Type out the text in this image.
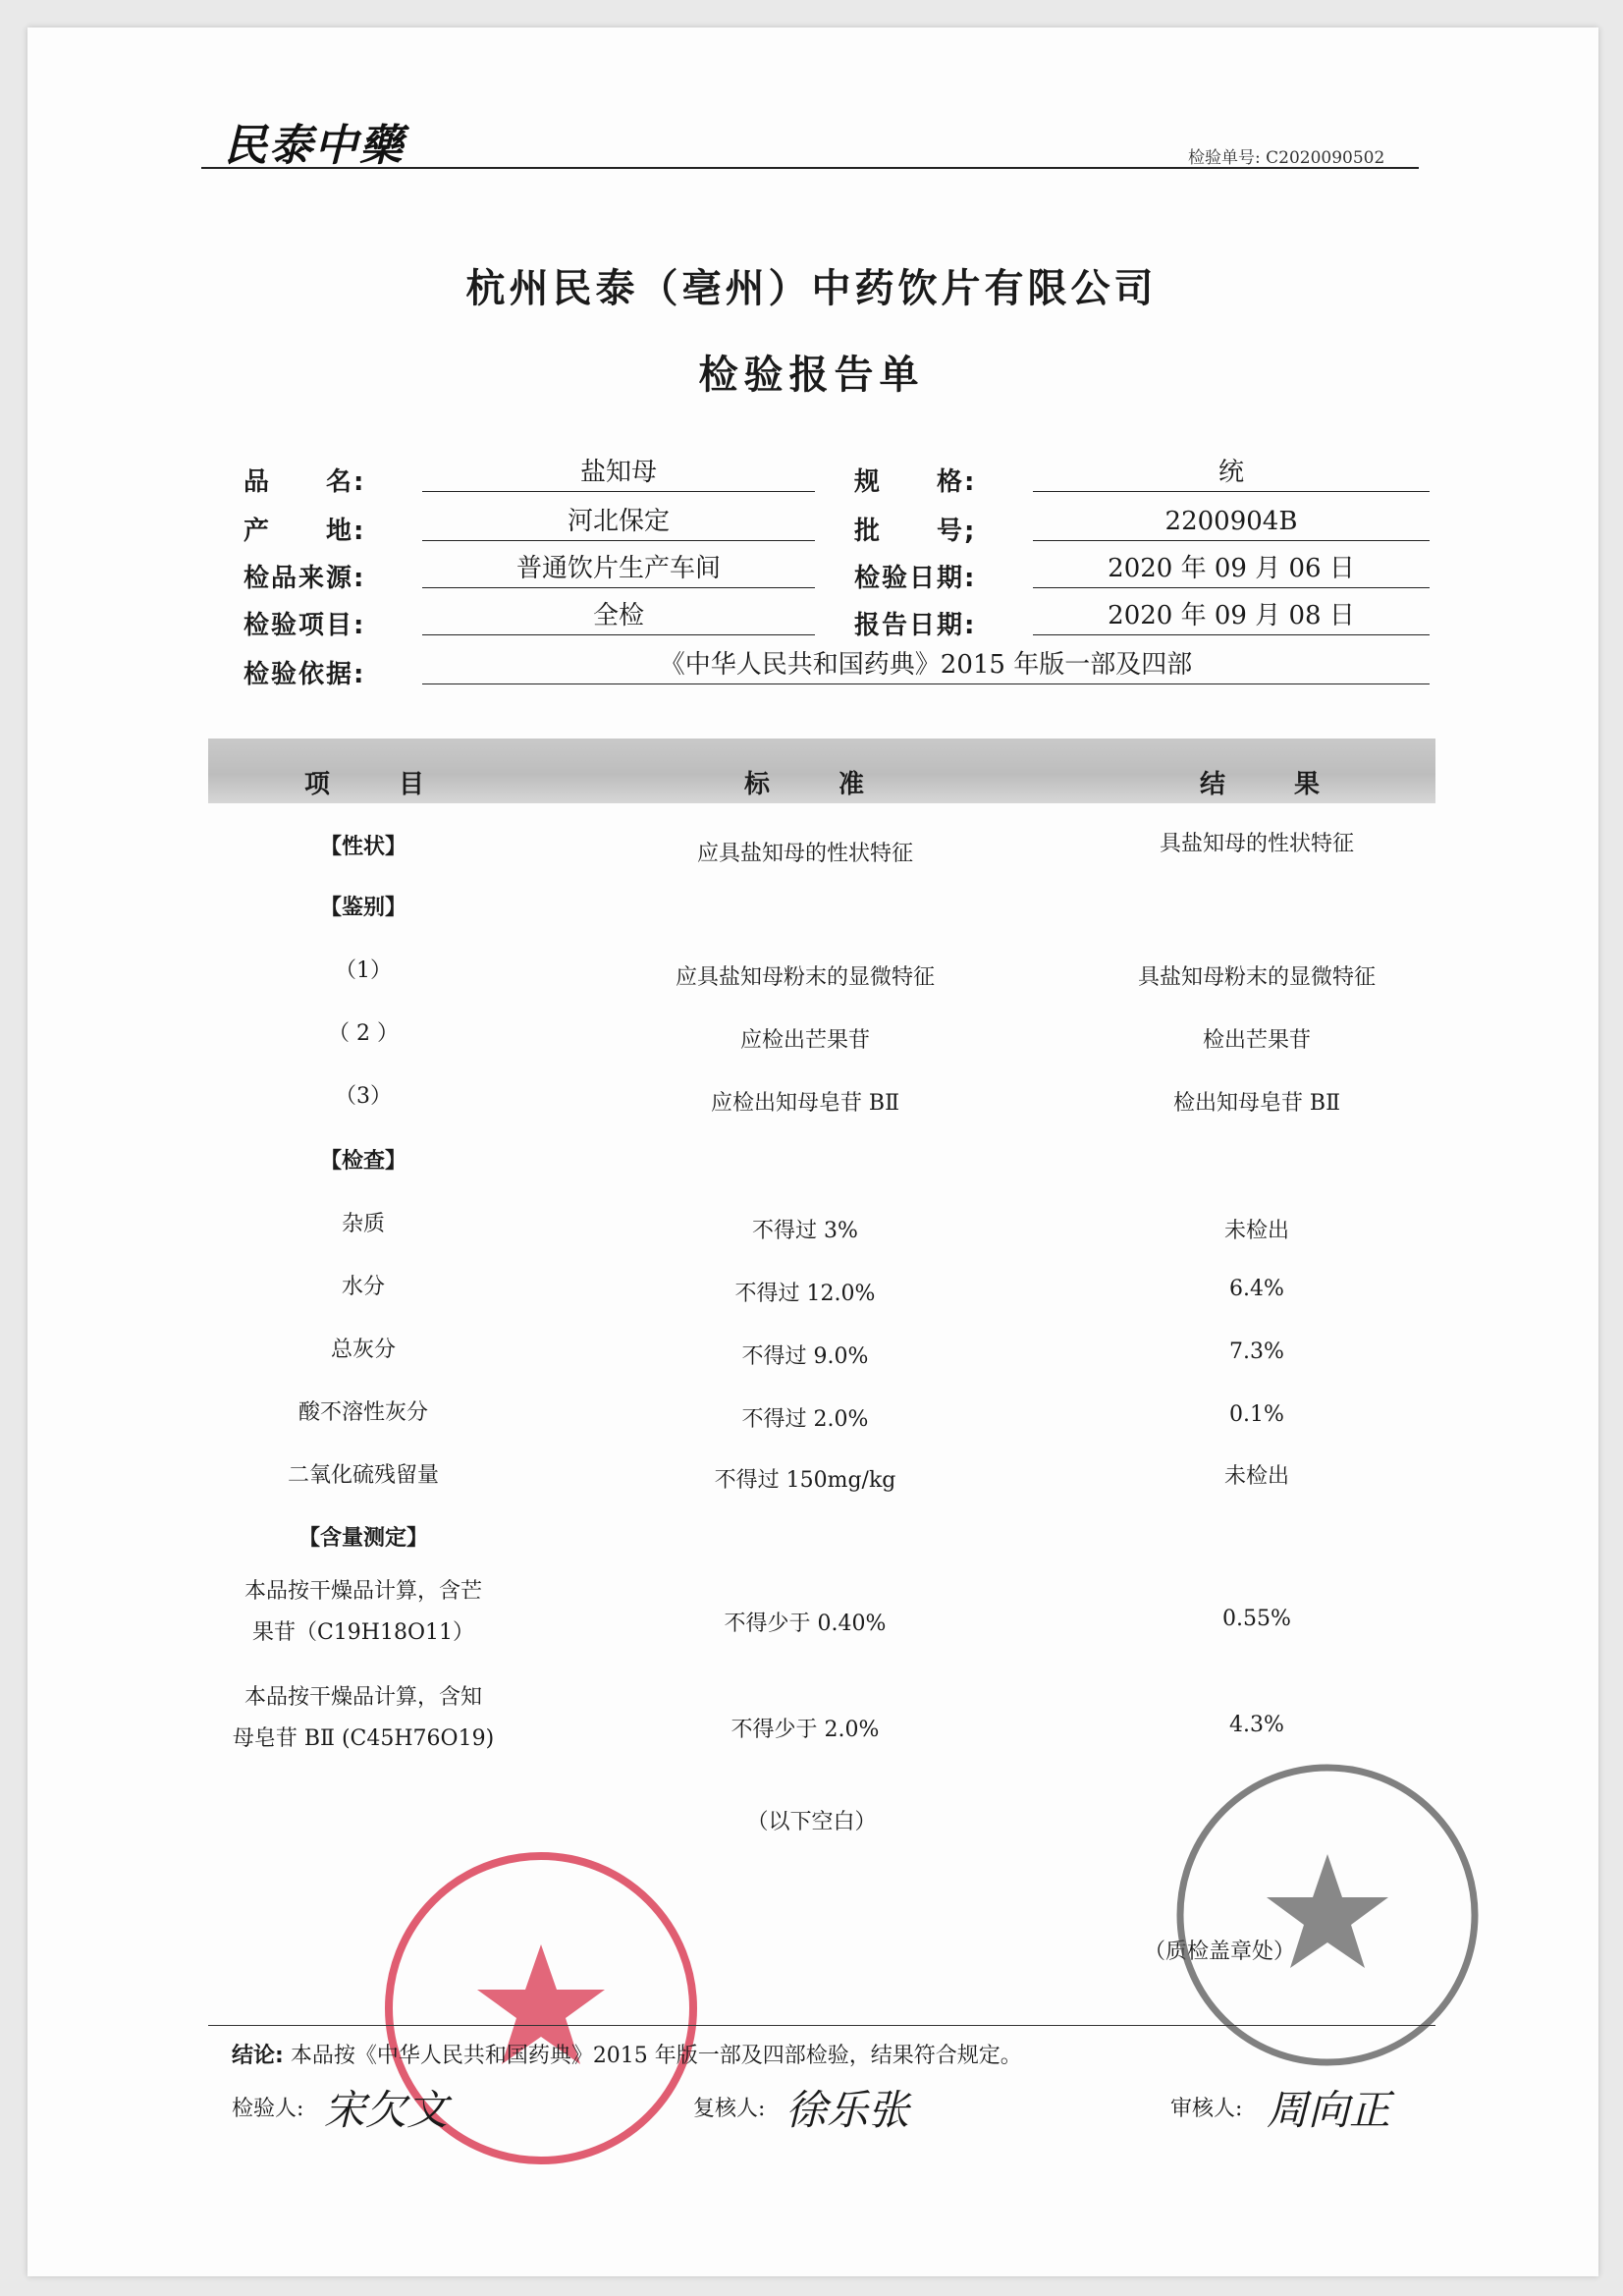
民泰中藥	检验单号: C2020090502
杭州民泰（亳州）中药饮片有限公司
检验报告单
品　　名:	盐知母	规　　格:	统
产　　地:	河北保定	批　　号;	2200904B
检品来源:	普通饮片生产车间	检验日期:	2020 年 09 月 06 日
检验项目:	全检	报告日期:	2020 年 09 月 08 日
检验依据:	《中华人民共和国药典》2015 年版一部及四部
项　目	标　准	结　果
【性状】	应具盐知母的性状特征	具盐知母的性状特征
【鉴别】
（1）	应具盐知母粉末的显微特征	具盐知母粉末的显微特征
（ 2 ）	应检出芒果苷	检出芒果苷
（3）	应检出知母皂苷 BⅡ	检出知母皂苷 BⅡ
【检查】
杂质	不得过 3%	未检出
水分	不得过 12.0%	6.4%
总灰分	不得过 9.0%	7.3%
酸不溶性灰分	不得过 2.0%	0.1%
二氧化硫残留量	不得过 150mg/kg	未检出
【含量测定】
本品按干燥品计算，含芒
果苷（C19H18O11）	不得少于 0.40%	0.55%
本品按干燥品计算，含知
母皂苷 BⅡ (C45H76O19)	不得少于 2.0%	4.3%
（以下空白）
（质检盖章处）
结论: 本品按《中华人民共和国药典》2015 年版一部及四部检验，结果符合规定。
检验人: 宋欠文	复核人: 徐乐张	审核人: 周向正
